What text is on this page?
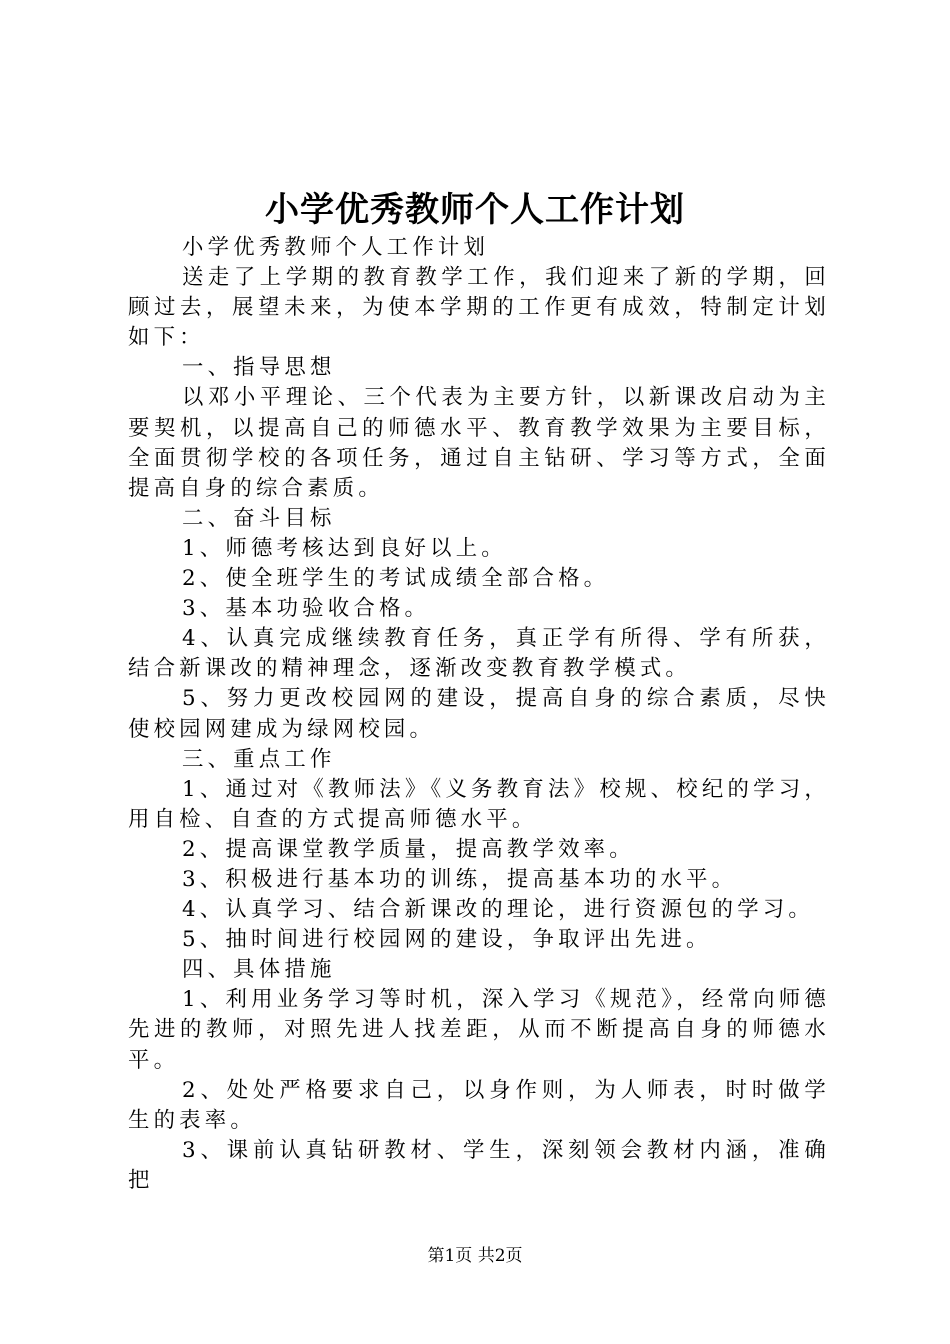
小学优秀教师个人工作计划

小学优秀教师个人工作计划

送走了上学期的教育教学工作，我们迎来了新的学期，回顾过去，展望未来，为使本学期的工作更有成效，特制定计划如下：

一、指导思想

以邓小平理论、三个代表为主要方针，以新课改启动为主要契机，以提高自己的师德水平、教育教学效果为主要目标，全面贯彻学校的各项任务，通过自主钻研、学习等方式，全面提高自身的综合素质。

二、奋斗目标

1、师德考核达到良好以上。

2、使全班学生的考试成绩全部合格。

3、基本功验收合格。

4、认真完成继续教育任务，真正学有所得、学有所获，结合新课改的精神理念，逐渐改变教育教学模式。

5、努力更改校园网的建设，提高自身的综合素质，尽快使校园网建成为绿网校园。

三、重点工作

1、通过对《教师法》《义务教育法》校规、校纪的学习，用自检、自查的方式提高师德水平。

2、提高课堂教学质量，提高教学效率。

3、积极进行基本功的训练，提高基本功的水平。

4、认真学习、结合新课改的理论，进行资源包的学习。

5、抽时间进行校园网的建设，争取评出先进。

四、具体措施

1、利用业务学习等时机，深入学习《规范》，经常向师德先进的教师，对照先进人找差距，从而不断提高自身的师德水平。

2、处处严格要求自己，以身作则，为人师表，时时做学生的表率。

3、课前认真钻研教材、学生，深刻领会教材内涵，准确把

第1页 共2页
